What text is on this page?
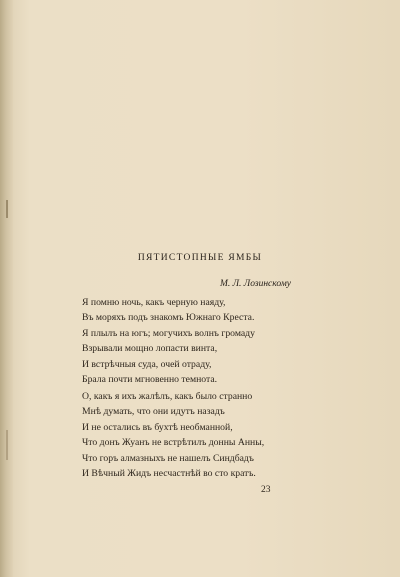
ПЯТИСТОПНЫЕ ЯМБЫ
М. Л. Лозинскому
Я помню ночь, какъ черную наяду,
Въ моряхъ подъ знакомъ Южнаго Креста.
Я плылъ на югъ; могучихъ волнъ громаду
Взрывали мощно лопасти винта,
И встрѣчныя суда, очей отраду,
Брала почти мгновенно темнота.
О, какъ я ихъ жалѣлъ, какъ было странно
Мнѣ думать, что они идутъ назадъ
И не остались въ бухтѣ необманной,
Что донъ Жуанъ не встрѣтилъ донны Анны,
Что горъ алмазныхъ не нашелъ Синдбадъ
И Вѣчный Жидъ несчастнѣй во сто кратъ.
23
